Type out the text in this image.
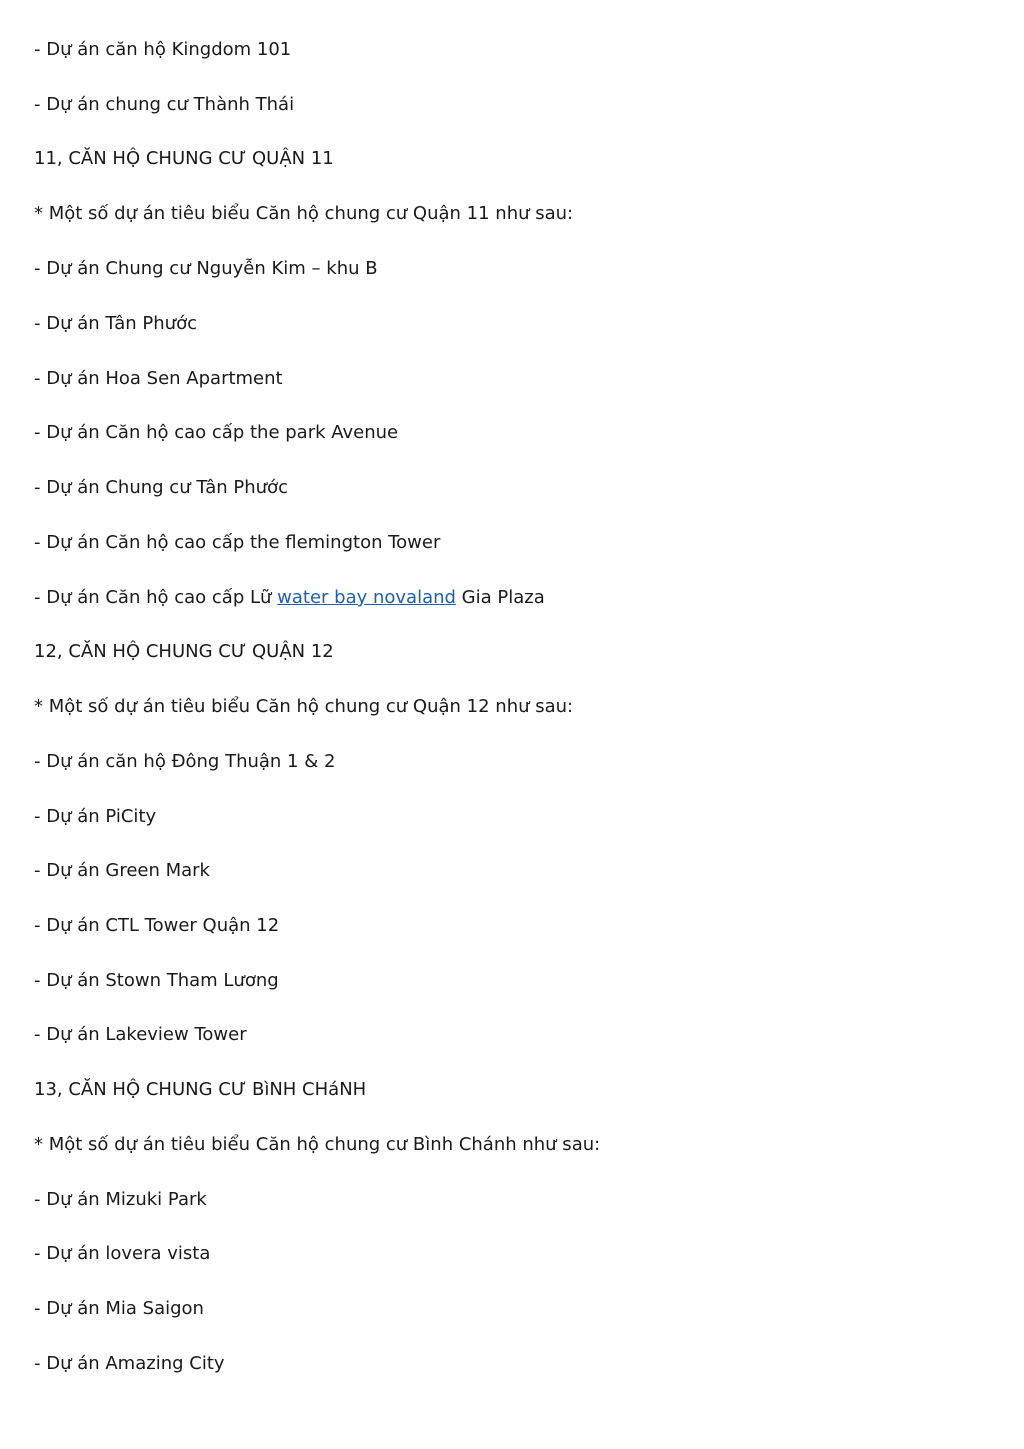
- Dự án căn hộ Kingdom 101

- Dự án chung cư Thành Thái

11, CĂN HỘ CHUNG CƯ QUẬN 11

* Một số dự án tiêu biểu Căn hộ chung cư Quận 11 như sau:

- Dự án Chung cư Nguyễn Kim – khu B

- Dự án Tân Phước

- Dự án Hoa Sen Apartment

- Dự án Căn hộ cao cấp the park Avenue

- Dự án Chung cư Tân Phước

- Dự án Căn hộ cao cấp the flemington Tower

- Dự án Căn hộ cao cấp Lữ water bay novaland Gia Plaza

12, CĂN HỘ CHUNG CƯ QUẬN 12

* Một số dự án tiêu biểu Căn hộ chung cư Quận 12 như sau:

- Dự án căn hộ Đông Thuận 1 & 2

- Dự án PiCity

- Dự án Green Mark

- Dự án CTL Tower Quận 12

- Dự án Stown Tham Lương

- Dự án Lakeview Tower

13, CĂN HỘ CHUNG CƯ BìNH CHáNH

* Một số dự án tiêu biểu Căn hộ chung cư Bình Chánh như sau:

- Dự án Mizuki Park

- Dự án lovera vista

- Dự án Mia Saigon

- Dự án Amazing City
